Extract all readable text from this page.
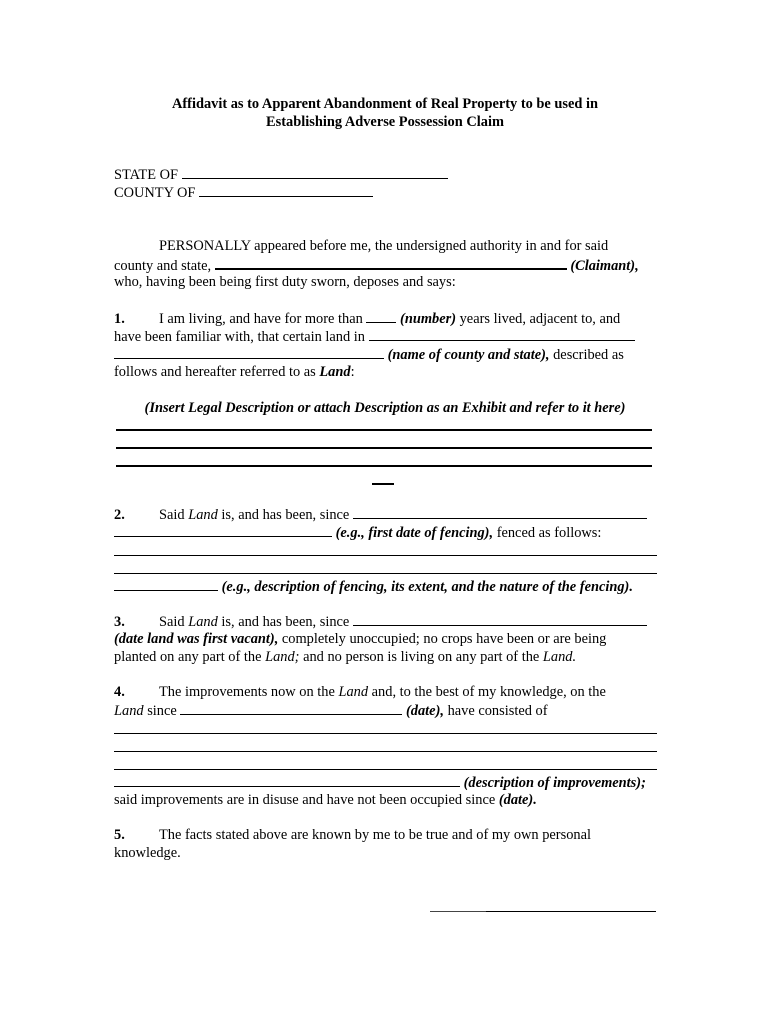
Affidavit as to Apparent Abandonment of Real Property to be used in
Establishing Adverse Possession Claim
STATE OF
COUNTY OF
PERSONALLY appeared before me, the undersigned authority in and for said
county and state,	(Claimant),
who, having been being first duty sworn, deposes and says:
1. I am living, and have for more than	(number) years lived, adjacent to, and
have been familiar with, that certain land in
(name of county and state), described as
follows and hereafter referred to as Land:
(Insert Legal Description or attach Description as an Exhibit and refer to it here)
2. Said Land is, and has been, since
(e.g., first date of fencing), fenced as follows:
(e.g., description of fencing, its extent, and the nature of the fencing).
3. Said Land is, and has been, since
(date land was first vacant), completely unoccupied; no crops have been or are being
planted on any part of the Land; and no person is living on any part of the Land.
4. The improvements now on the Land and, to the best of my knowledge, on the
Land since	(date), have consisted of
(description of improvements);
said improvements are in disuse and have not been occupied since (date).
5. The facts stated above are known by me to be true and of my own personal
knowledge.
